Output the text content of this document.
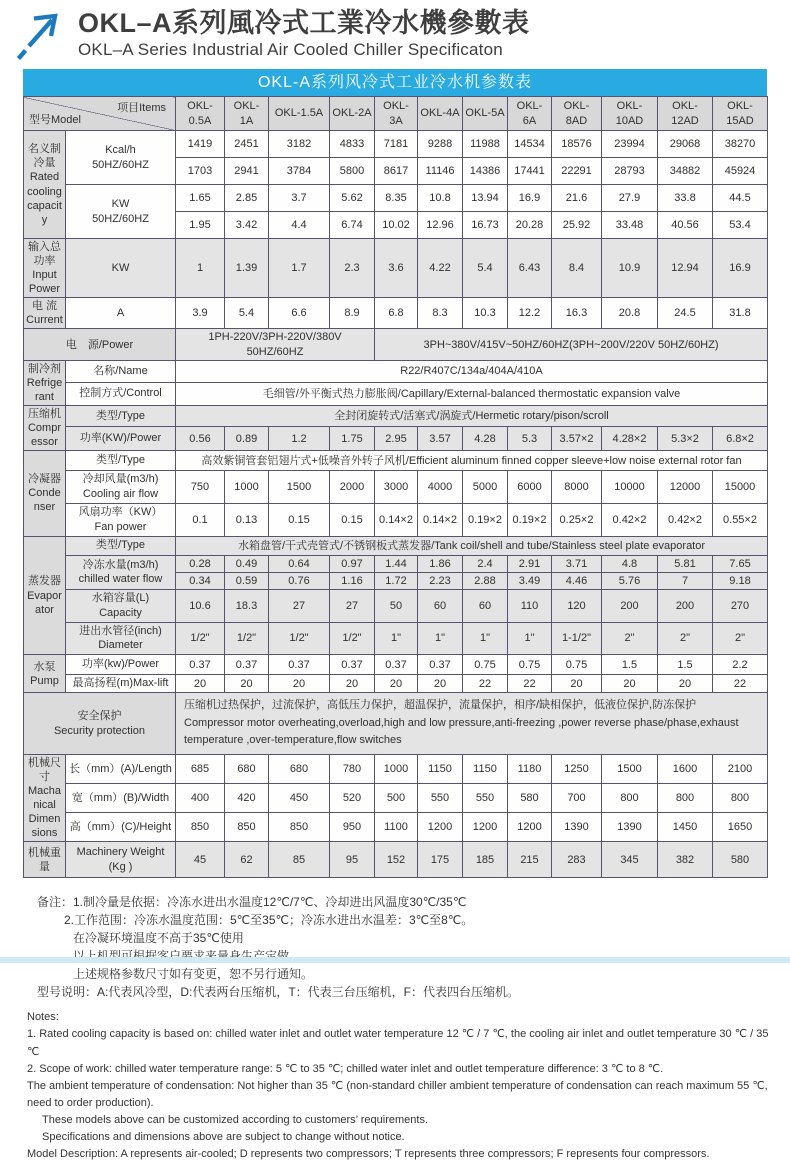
OKL–A系列風冷式工業冷水機參數表
OKL–A Series Industrial Air Cooled Chiller Specificaton
OKL-A系列风冷式工业冷水机参数表
型号Model
项目Items		OKL-0.5A	OKL-1A	OKL-1.5A	OKL-2A	OKL-3A	OKL-4A	OKL-5A	OKL-6A	OKL-8AD	OKL-10AD	OKL-12AD	OKL-15AD

名义制冷量
Rated
cooling
capacity

Kcal/h
50HZ/60HZ
	1419	2451	3182	4833	7181	9288	11988	14534	18576	23994	29068	38270
		1703	2941	3784	5800	8617	11146	14386	17441	22291	28793	34882	45924

	KW
50HZ/60HZ	1.65	2.85	3.7	5.62	8.35	10.8	13.94	16.9	21.6	27.9	33.8	44.5
		1.95	3.42	4.4	6.74	10.02	12.96	16.73	20.28	25.92	33.48	40.56	53.4

输入总功率
Input Power	KW	1	1.39	1.7	2.3	3.6	4.22	5.4	6.43	8.4	10.9	12.94	16.9

电 流
Current	A	3.9	5.4	6.6	8.9	6.8	8.3	10.3	12.2	16.3	20.8	24.5	31.8

电　源/Power		1PH-220V/3PH-220V/380V 50HZ/60HZ				3PH~380V/415V~50HZ/60HZ(3PH~200V/220V 50HZ/60HZ)							

制冷剂
Refrigerant	名称/Name	R22/R407C/134a/404A/410A											

	控制方式/Control	毛细管/外平衡式热力膨胀阀/Capillary/External-balanced thermostatic expansion valve											

压缩机
Compressor	类型/Type	全封闭旋转式/活塞式/涡旋式/Hermetic rotary/pison/scroll											

	功率(KW)/Power	0.56	0.89	1.2	1.75	2.95	3.57	4.28	5.3	3.57×2	4.28×2	5.3×2	6.8×2

冷凝器
Condenser	类型/Type	高效紫铜管套铝翅片式+低噪音外转子风机/Efficient aluminum finned copper sleeve+low noise external rotor fan											

	冷却风量(m3/h)
Cooling air flow	750	1000	1500	2000	3000	4000	5000	6000	8000	10000	12000	15000

	风扇功率（KW）
Fan power	0.1	0.13	0.15	0.15	0.14×2	0.14×2	0.19×2	0.19×2	0.25×2	0.42×2	0.42×2	0.55×2

蒸发器
Evaporator	类型/Type	水箱盘管/干式壳管式/不锈钢板式蒸发器/Tank coil/shell and tube/Stainless steel plate evaporator											

	冷冻水量(m3/h)
chilled water flow	0.28	0.49	0.64	0.97	1.44	1.86	2.4	2.91	3.71	4.8	5.81	7.65
		0.34	0.59	0.76	1.16	1.72	2.23	2.88	3.49	4.46	5.76	7	9.18

	水箱容量(L)
Capacity	10.6	18.3	27	27	50	60	60	110	120	200	200	270

	进出水管径(inch)
Diameter	1/2"	1/2"	1/2"	1/2"	1"	1"	1"	1"	1-1/2"	2"	2"	2"

水泵
Pump	功率(kw)/Power	0.37	0.37	0.37	0.37	0.37	0.37	0.75	0.75	0.75	1.5	1.5	2.2

	最高扬程(m)Max-lift	20	20	20	20	20	20	22	22	20	20	20	22

安全保护
Security protection

压缩机过热保护，过流保护，高低压力保护，超温保护，流量保护，相序/缺相保护，低液位保护,防冻保护
Compressor motor overheating,overload,high and low pressure,anti-freezing ,power reverse phase/phase,exhaust temperature ,over-temperature,flow switches

机械尺寸
Machanical
Dimensions	长（mm）(A)/Length	685	680	680	780	1000	1150	1150	1180	1250	1500	1600	2100

	宽（mm）(B)/Width	400	420	450	520	500	550	550	580	700	800	800	800

	高（mm）(C)/Height	850	850	850	950	1100	1200	1200	1200	1390	1390	1450	1650

机械重量	Machinery Weight
(Kg )	45	62	85	95	152	175	185	215	283	345	382	580
备注：1.制冷量是依据：冷冻水进出水温度12℃/7℃、冷却进出风温度30℃/35℃
2.工作范围：冷冻水温度范围：5℃至35℃；冷冻水进出水温差：3℃至8℃。
在冷凝环境温度不高于35℃使用
上述规格参数尺寸如有变更，恕不另行通知。
型号说明：A:代表风冷型，D:代表两台压缩机，T：代表三台压缩机，F：代表四台压缩机。
Notes:
1. Rated cooling capacity is based on: chilled water inlet and outlet water temperature 12 ℃ / 7 ℃, the cooling air inlet and outlet temperature 30 ℃ / 35 ℃
2. Scope of work: chilled water temperature range: 5 ℃ to 35 ℃; chilled water inlet and outlet temperature difference: 3 ℃ to 8 ℃.
The ambient temperature of condensation: Not higher than 35 ℃ (non-standard chiller ambient temperature of condensation can reach maximum 55 ℃, need to order production).
These models above can be customized according to customers’ requirements.
Specifications and dimensions above are subject to change without notice.
Model Description: A represents air-cooled; D represents two compressors; T represents three compressors; F represents four compressors.
